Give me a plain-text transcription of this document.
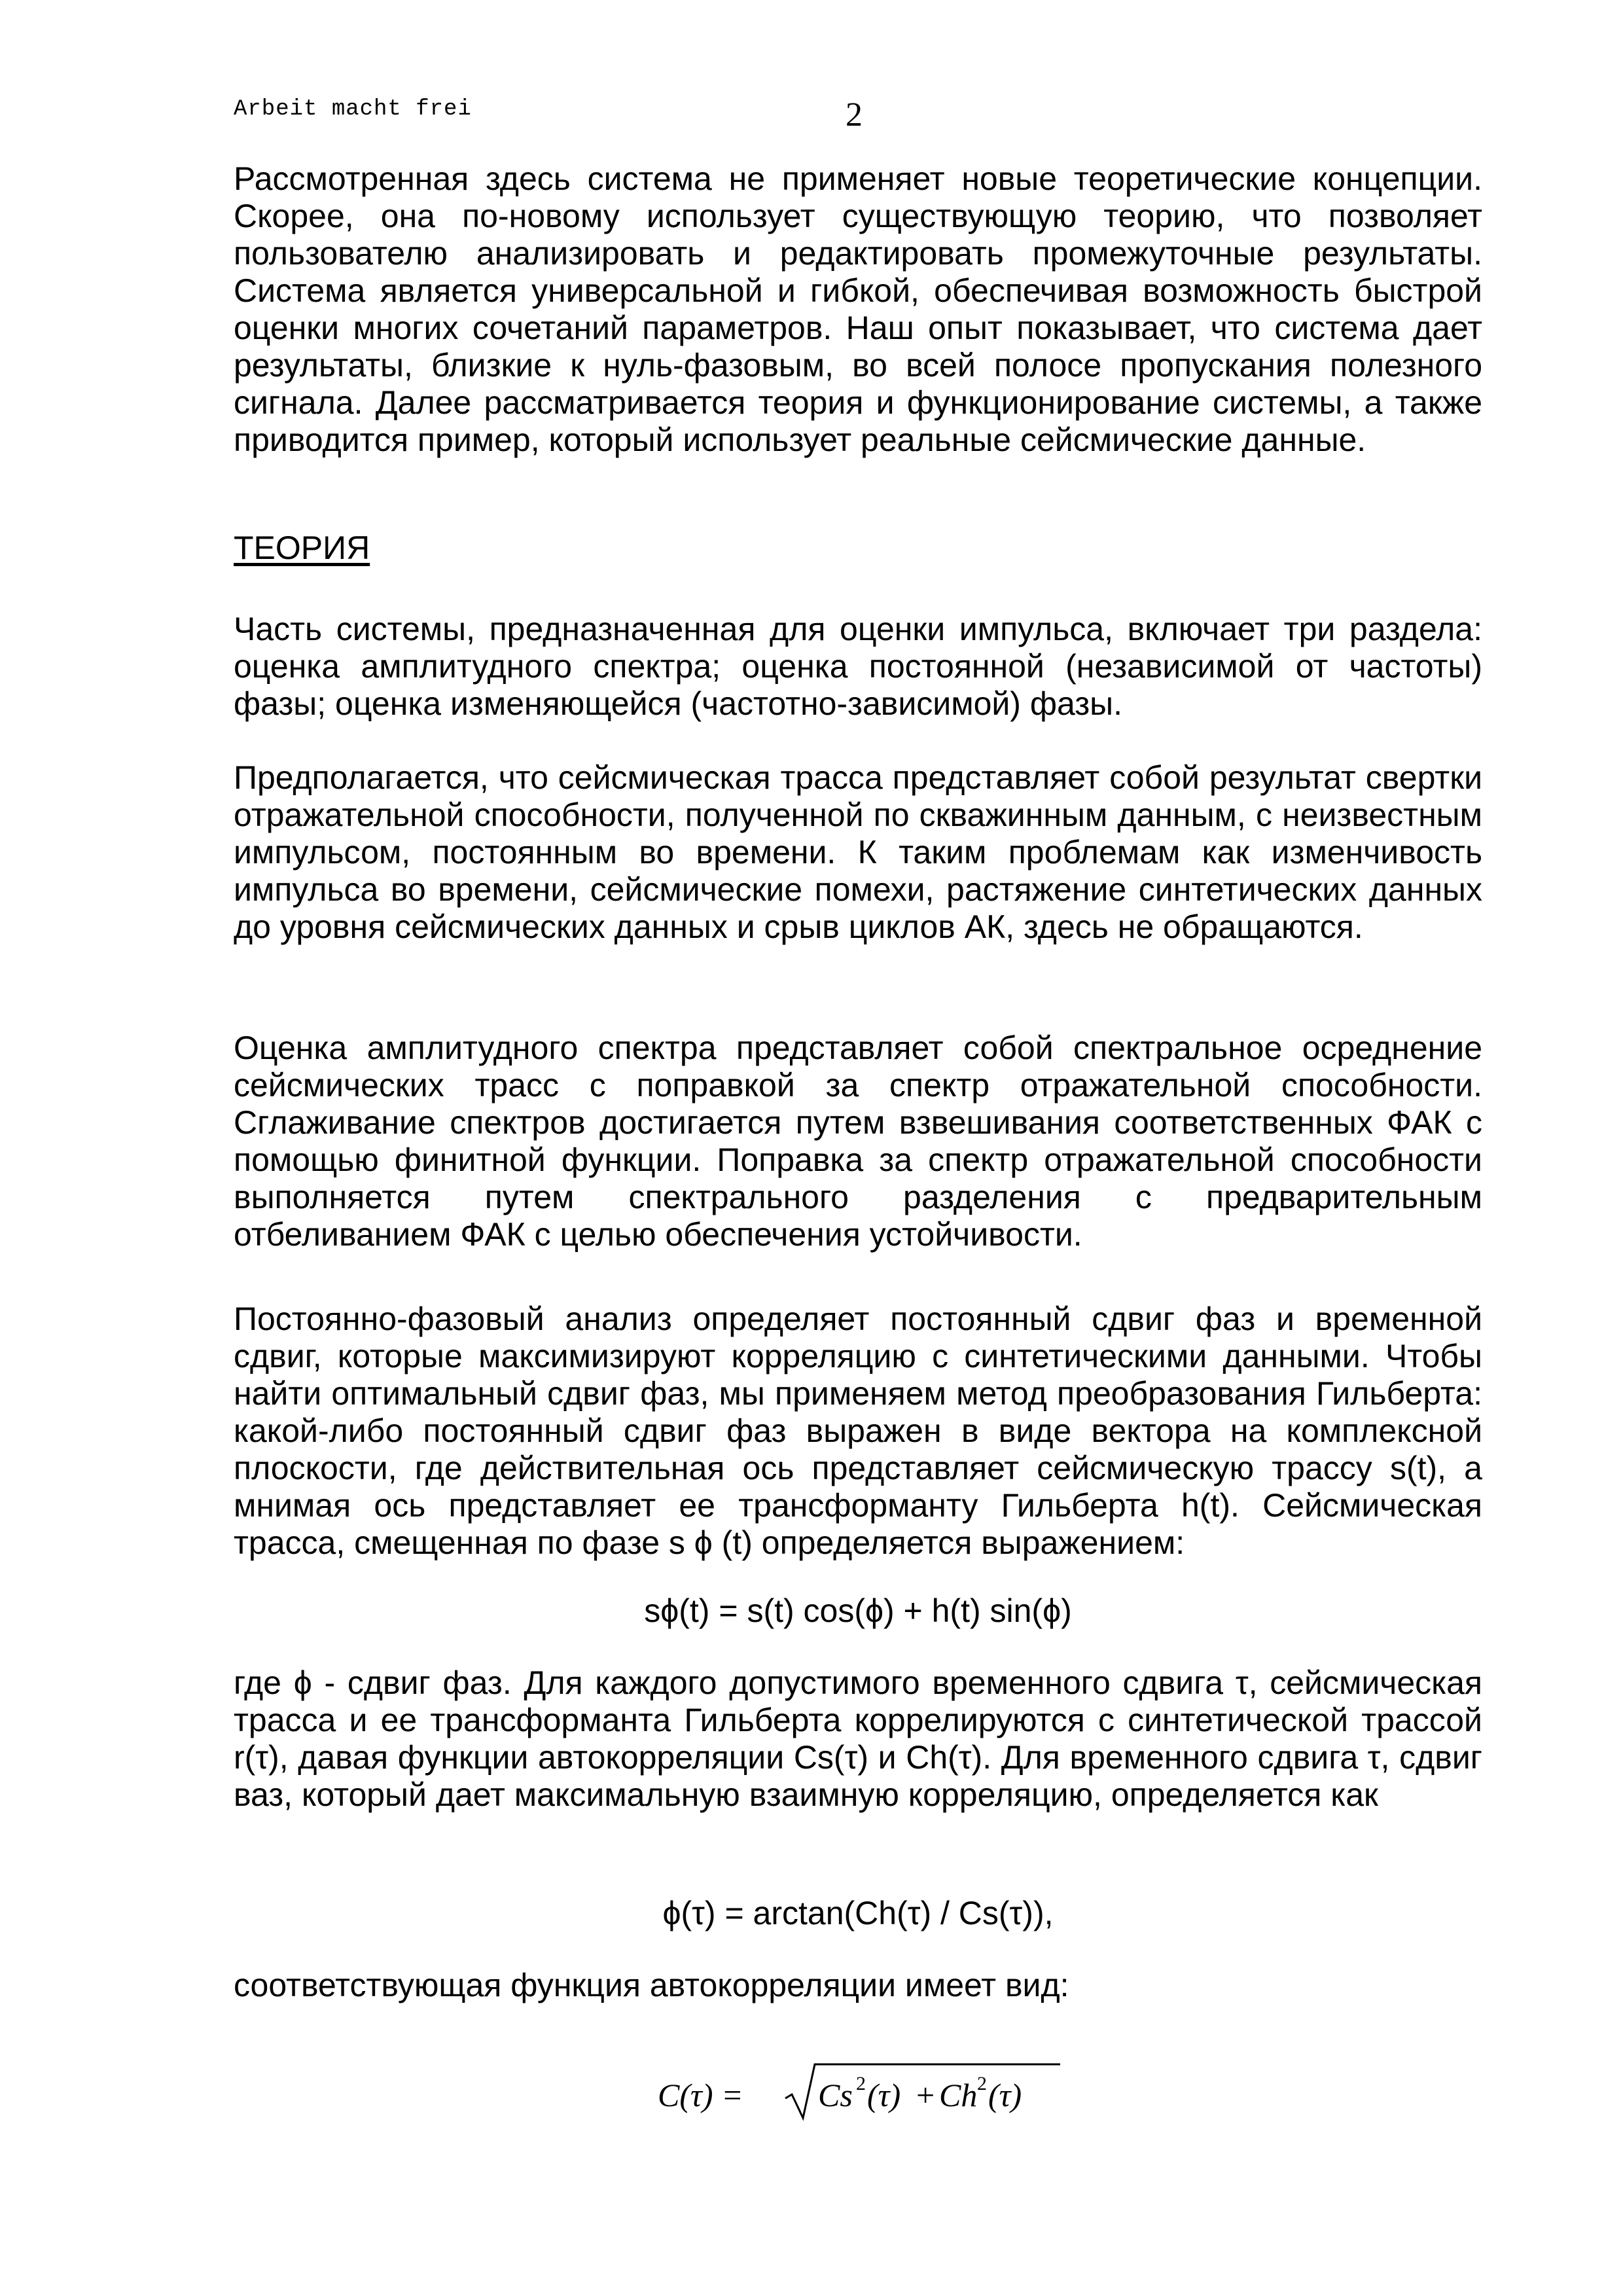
Arbeit macht frei	2

Рассмотренная здесь система не применяет новые теоретические концепции. Скорее, она по-новому использует существующую теорию, что позволяет пользователю анализировать и редактировать промежуточные результаты. Система является универсальной и гибкой, обеспечивая возможность быстрой оценки многих сочетаний параметров. Наш опыт показывает, что система дает результаты, близкие к нуль-фазовым, во всей полосе пропускания полезного сигнала. Далее рассматривается теория и функционирование системы, а также приводится пример, который использует реальные сейсмические данные.

ТЕОРИЯ

Часть системы, предназначенная для оценки импульса, включает три раздела: оценка амплитудного спектра; оценка постоянной (независимой от частоты) фазы; оценка изменяющейся (частотно-зависимой) фазы.

Предполагается, что сейсмическая трасса представляет собой результат свертки отражательной способности, полученной по скважинным данным, с неизвестным импульсом, постоянным во времени. К таким проблемам как изменчивость импульса во времени, сейсмические помехи, растяжение синтетических данных до уровня сейсмических данных и срыв циклов АК, здесь не обращаются.

Оценка амплитудного спектра представляет собой спектральное осреднение сейсмических трасс с поправкой за спектр отражательной способности. Сглаживание спектров достигается путем взвешивания соответственных ФАК с помощью финитной функции. Поправка за спектр отражательной способности выполняется путем спектрального разделения с предварительным отбеливанием ФАК с целью обеспечения устойчивости.

Постоянно-фазовый анализ определяет постоянный сдвиг фаз и временной сдвиг, которые максимизируют корреляцию с синтетическими данными. Чтобы найти оптимальный сдвиг фаз, мы применяем метод преобразования Гильберта: какой-либо постоянный сдвиг фаз выражен в виде вектора на комплексной плоскости, где действительная ось представляет сейсмическую трассу s(t), а мнимая ось представляет ее трансформанту Гильберта h(t). Сейсмическая трасса, смещенная по фазе s ϕ (t) определяется выражением:

sϕ(t) = s(t) cos(ϕ) + h(t) sin(ϕ)

где ϕ - сдвиг фаз. Для каждого допустимого временного сдвига τ, сейсмическая трасса и ее трансформанта Гильберта коррелируются с синтетической трассой r(τ), давая функции автокорреляции Cs(τ) и Ch(τ). Для временного сдвига τ, сдвиг ваз, который дает максимальную взаимную корреляцию, определяется как

ϕ(τ) = arctan(Ch(τ) / Cs(τ)),

соответствующая функция автокорреляции имеет вид:

C(τ) = Cs 2 (τ) + Ch 2 (τ)
